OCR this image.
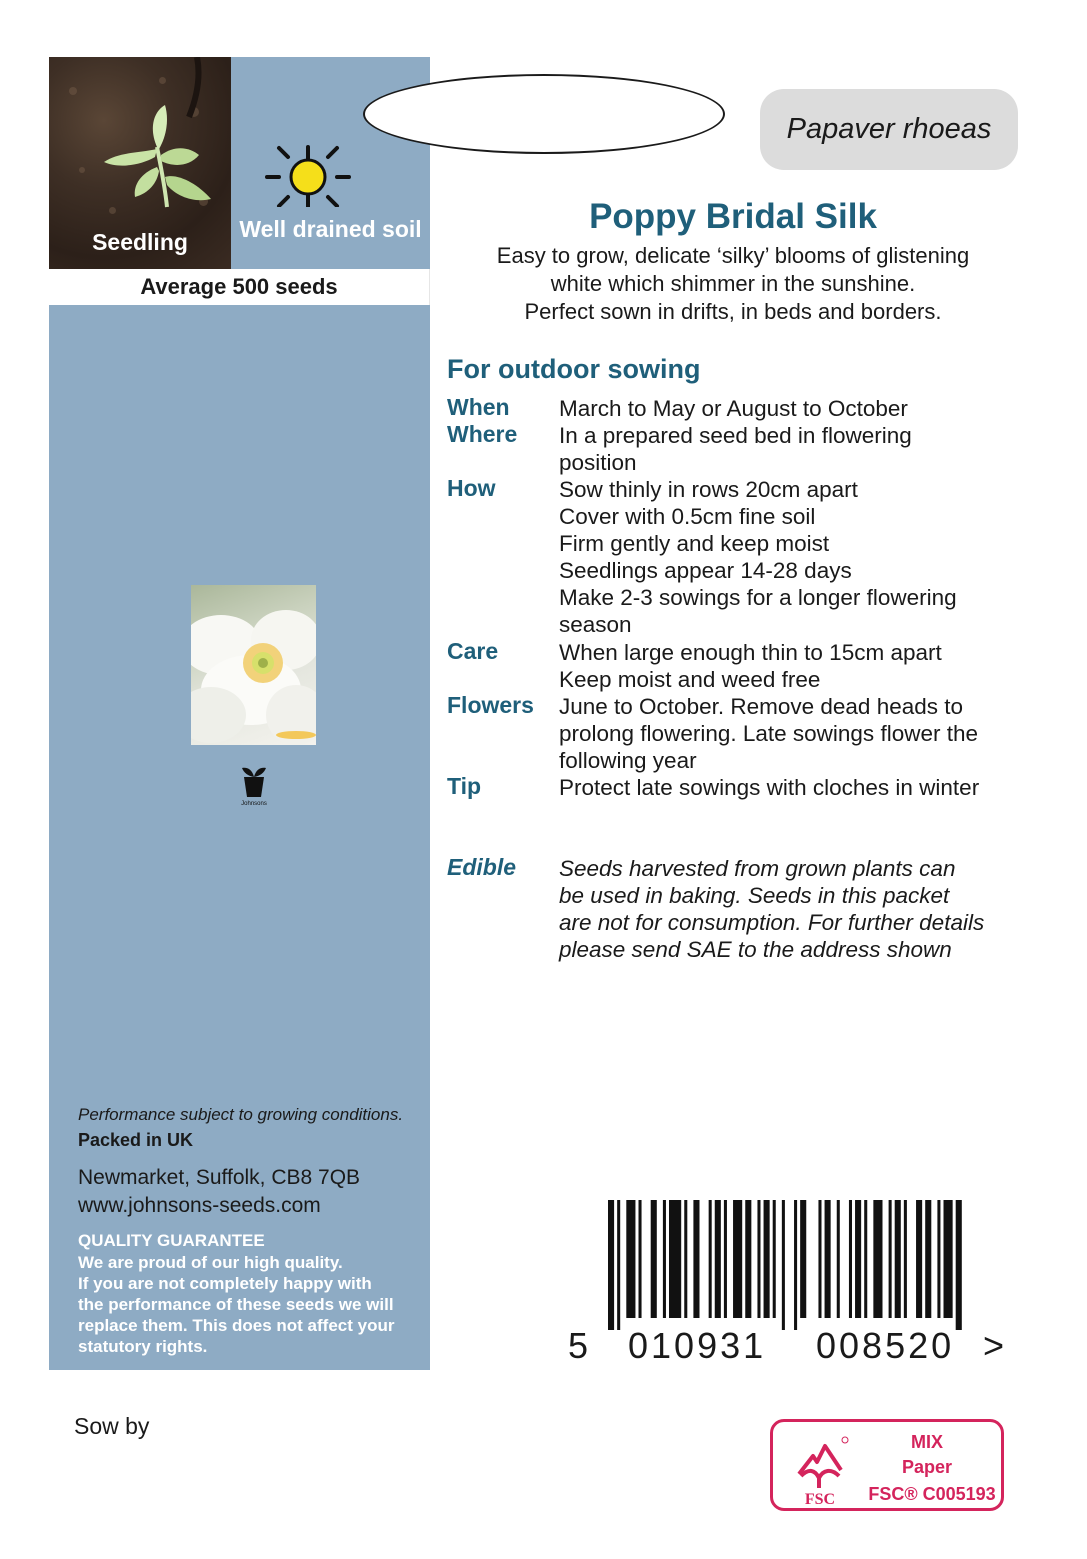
Seedling	Well drained soil
Average 500 seeds
Johnsons
Performance subject to growing conditions.
Packed in UK
Newmarket, Suffolk, CB8 7QB
www.johnsons-seeds.com
QUALITY GUARANTEE
We are proud of our high quality.
If you are not completely happy with
the performance of these seeds we will
replace them. This does not affect your
statutory rights.
Papaver rhoeas
Poppy Bridal Silk
Easy to grow, delicate ‘silky’ blooms of glistening
white which shimmer in the sunshine.
Perfect sown in drifts, in beds and borders.
For outdoor sowing
When March to May or August to October
Where In a prepared seed bed in flowering
position
How	Sow thinly in rows 20cm apart
Cover with 0.5cm fine soil
Firm gently and keep moist
Seedlings appear 14-28 days
Make 2-3 sowings for a longer flowering
season
Care	When large enough thin to 15cm apart
Keep moist and weed free
Flowers June to October. Remove dead heads to
prolong flowering. Late sowings flower the
following year
Tip	Protect late sowings with cloches in winter
Edible Seeds harvested from grown plants can
be used in baking. Seeds in this packet
are not for consumption. For further details
please send SAE to the address shown
5 010931 008520 >
Sow by
FSC
MIX
Paper
FSC® C005193
